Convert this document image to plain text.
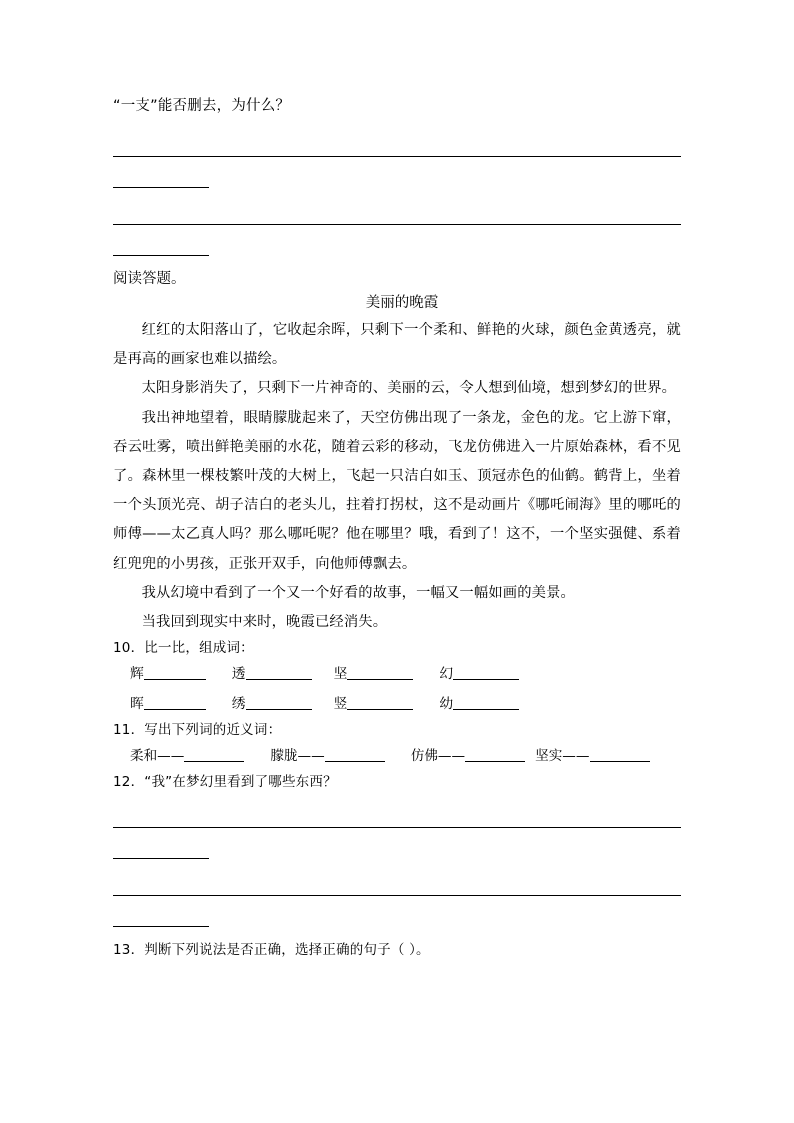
“一支”能否删去，为什么？

阅读答题。

美丽的晚霞

红红的太阳落山了，它收起余晖，只剩下一个柔和、鲜艳的火球，颜色金黄透亮，就是再高的画家也难以描绘。

太阳身影消失了，只剩下一片神奇的、美丽的云，令人想到仙境，想到梦幻的世界。

我出神地望着，眼睛朦胧起来了，天空仿佛出现了一条龙，金色的龙。它上游下窜，吞云吐雾，喷出鲜艳美丽的水花，随着云彩的移动，飞龙仿佛进入一片原始森林，看不见了。森林里一棵枝繁叶茂的大树上，飞起一只洁白如玉、顶冠赤色的仙鹤。鹤背上，坐着一个头顶光亮、胡子洁白的老头儿，拄着打拐杖，这不是动画片《哪吒闹海》里的哪吒的师傅——太乙真人吗？那么哪吒呢？他在哪里？哦，看到了！这不，一个坚实强健、系着红兜兜的小男孩，正张开双手，向他师傅飘去。

我从幻境中看到了一个又一个好看的故事，一幅又一幅如画的美景。

当我回到现实中来时，晚霞已经消失。

10．比一比，组成词：

辉	透	坚	幻

晖	绣	竖	幼

11．写出下列词的近义词：

柔和——	朦胧——	仿佛——	坚实——

12．“我”在梦幻里看到了哪些东西？

13．判断下列说法是否正确，选择正确的句子（ ）。
